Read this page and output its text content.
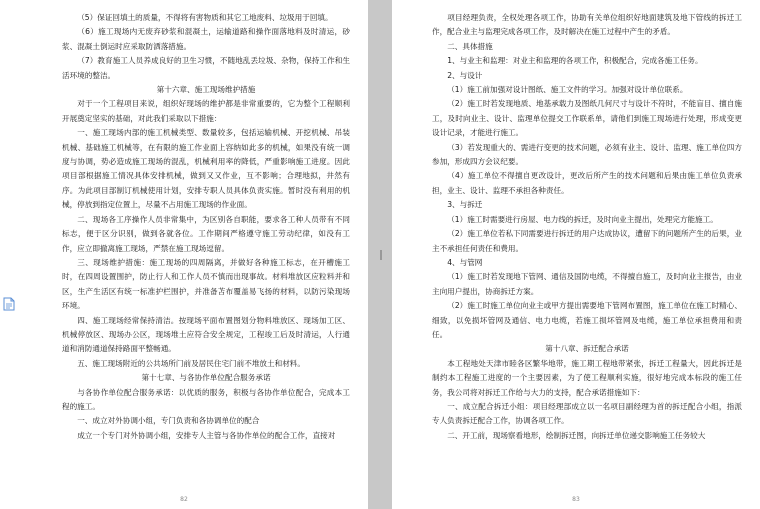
（5）保证回填土的质量，不得将有害物质和其它工地废料、垃圾用于回填。

（6）施工现场内无废弃砂浆和混凝土，运输道路和操作面落地料及时清运，砂浆、混凝土倒运时应采取防洒落措施。

（7）教育施工人员养成良好的卫生习惯，不随地乱丢垃圾、杂物，保持工作和生活环境的整洁。

第十六章、施工现场维护措施

对于一个工程项目来说，组织好现场的维护都是非常重要的，它为整个工程顺利开展奠定坚实的基础，对此我们采取以下措施：

一、施工现场内部的施工机械类型、数量较多，包括运输机械、开挖机械、吊装机械、基础施工机械等，在有限的施工作业面上容纳如此多的机械，如果没有统一调度与协调，势必造成施工现场的混乱，机械利用率的降低，严重影响施工进度。因此项目部根据施工情况具体安排机械，做到又又作业，互不影响；合理地拟，井然有序。为此项目部制订机械使用计划，安排专职人员具体负责实施。暂时没有利用的机械，停放到指定位置上，尽量不占用施工现场的作业面。

二、现场各工序操作人员非常集中，为区别各自职能，要求各工种人员带有不同标志，便于区分识别，做到各就各位。工作期间严格遵守施工劳动纪律，如没有工作，应立即撤离施工现场，严禁在施工现场逗留。

三、现场维护措施：施工现场的四周隔离，并做好各种施工标志，在开槽施工时，在四周设置围护，防止行人和工作人员不慎而出现事故。材料堆放区应粒料并和区，生产生活区有统一标准护栏围护，并准备苫布覆盖易飞扬的材料，以防污染现场环境。

四、施工现场经常保持清洁。按现场平面布置图划分物料堆放区、现场加工区、机械停放区、现场办公区，现场堆土应符合安全规定，工程竣工后及时清运，人行通道和消防通道保持路面平整畅通。

五、施工现场附近的公共场所门前及居民住宅门前不堆放土和材料。

第十七章、与各协作单位配合服务承诺

与各协作单位配合服务承诺：以优质的服务，积极与各协作单位配合，完成本工程的施工。

一、成立对外协调小组，专门负责和各协调单位的配合

成立一个专门对外协调小组，安排专人主管与各协作单位的配合工作，直接对

82

项目经理负责，全权处理各项工作，协助有关单位组织好地面建筑及地下管线的拆迁工作，配合业主与监理完成各项工作，及时解决在施工过程中产生的矛盾。

二、具体措施

1、与业主和监理：对业主和监理的各项工作，积极配合，完成各施工任务。

2、与设计

（1）施工前加强对设计图纸、施工文件的学习。加强对设计单位联系。

（2）施工时若发现地质、地基承载力及图纸几何尺寸与设计不符时，不能盲目、擅自施工，及时向业主、设计、监理单位提交工作联系单，请他们到施工现场进行处理，形成变更设计记录，才能进行施工。

（3）若发现重大的、需进行变更的技术问题，必须有业主、设计、监理、施工单位四方参加，形成四方会议纪要。

（4）施工单位不得擅自更改设计，更改后所产生的技术问题和后果由施工单位负责承担，业主、设计、监理不承担各种责任。

3、与拆迁

（1）施工时需要进行房屋、电力线的拆迁，及时向业主提出，处理完方能施工。

（2）施工单位若私下同需要进行拆迁的用户达成协议，遭留下的问题所产生的后果，业主不承担任何责任和费用。

4、与管网

（1）施工时若发现地下管网、通信及国防电缆，不得擅自施工，及时向业主报告，由业主向用户提出，协商拆迁方案。

（2）施工时施工单位向业主或甲方提出需要地下管网布置图，施工单位在施工时精心、细致，以免损坏管网及通信、电力电缆，若施工损坏管网及电缆，施工单位承担费用和责任。

第十八章、拆迁配合承诺

本工程地处天津市睦各区繁华地带，施工期工程地带紧张，拆迁工程量大，因此拆迁是制约本工程施工进度的一个主要因素，为了使工程顺利实施，很好地完成本标段的施工任务，我公司将对拆迁工作给与大力的支持，配合承诺措施如下：

一、成立配合拆迁小组：项目经理部成立以一名项目副经理为首的拆迁配合小组，指派专人负责拆迁配合工作，协调各项工作。

二、开工前，现场察看地形，绘制拆迁图，向拆迁单位递交影响施工任务较大

83
